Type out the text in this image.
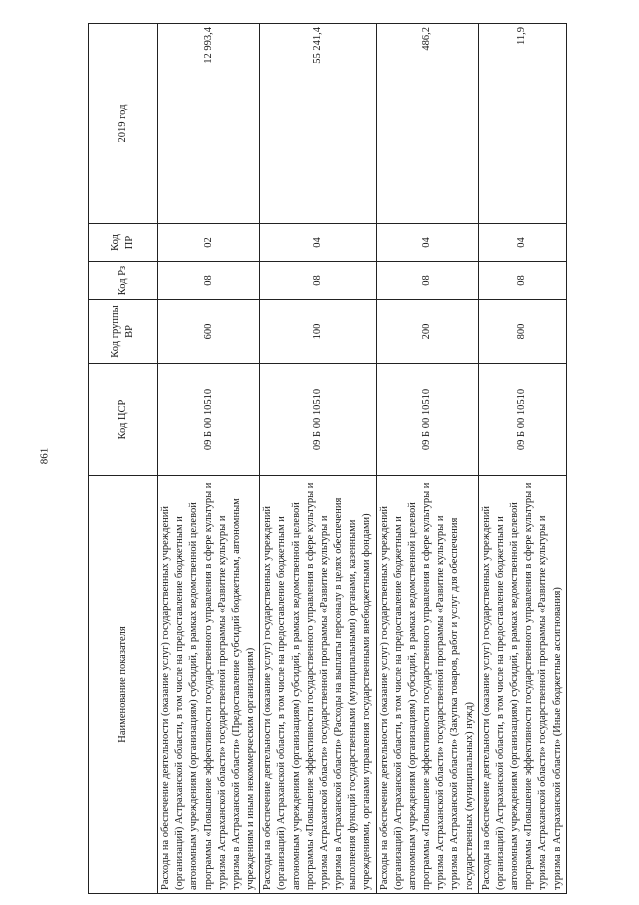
861
Наименование показателя	Код ЦСР	Код группы ВР	Код Рз	Код ПР	2019 год
Расходы на обеспечение деятельности (оказание услуг) государственных учреждений (организаций) Астраханской области, в том числе на предоставление бюджетным и автономным учреждениям (организациям) субсидий, в рамках ведомственной целевой программы «Повышение эффективности государственного управления в сфере культуры и туризма Астраханской области» государственной программы «Развитие культуры и туризма в Астраханской области» (Предоставление субсидий бюджетным, автономным учреждениям и иным некоммерческим организациям)	09 Б 00 10510	600	08	02	12 993,4
Расходы на обеспечение деятельности (оказание услуг) государственных учреждений (организаций) Астраханской области, в том числе на предоставление бюджетным и автономным учреждениям (организациям) субсидий, в рамках ведомственной целевой программы «Повышение эффективности государственного управления в сфере культуры и туризма Астраханской области» государственной программы «Развитие культуры и туризма в Астраханской области» (Расходы на выплаты персоналу в целях обеспечения выполнения функций государственными (муниципальными) органами, казенными учреждениями, органами управления государственными внебюджетными фондами)	09 Б 00 10510	100	08	04	55 241,4
Расходы на обеспечение деятельности (оказание услуг) государственных учреждений (организаций) Астраханской области, в том числе на предоставление бюджетным и автономным учреждениям (организациям) субсидий, в рамках ведомственной целевой программы «Повышение эффективности государственного управления в сфере культуры и туризма Астраханской области» государственной программы «Развитие культуры и туризма в Астраханской области» (Закупка товаров, работ и услуг для обеспечения государственных (муниципальных) нужд)	09 Б 00 10510	200	08	04	486,2
Расходы на обеспечение деятельности (оказание услуг) государственных учреждений (организаций) Астраханской области, в том числе на предоставление бюджетным и автономным учреждениям (организациям) субсидий, в рамках ведомственной целевой программы «Повышение эффективности государственного управления в сфере культуры и туризма Астраханской области» государственной программы «Развитие культуры и туризма в Астраханской области» (Иные бюджетные ассигнования)	09 Б 00 10510	800	08	04	11,9
